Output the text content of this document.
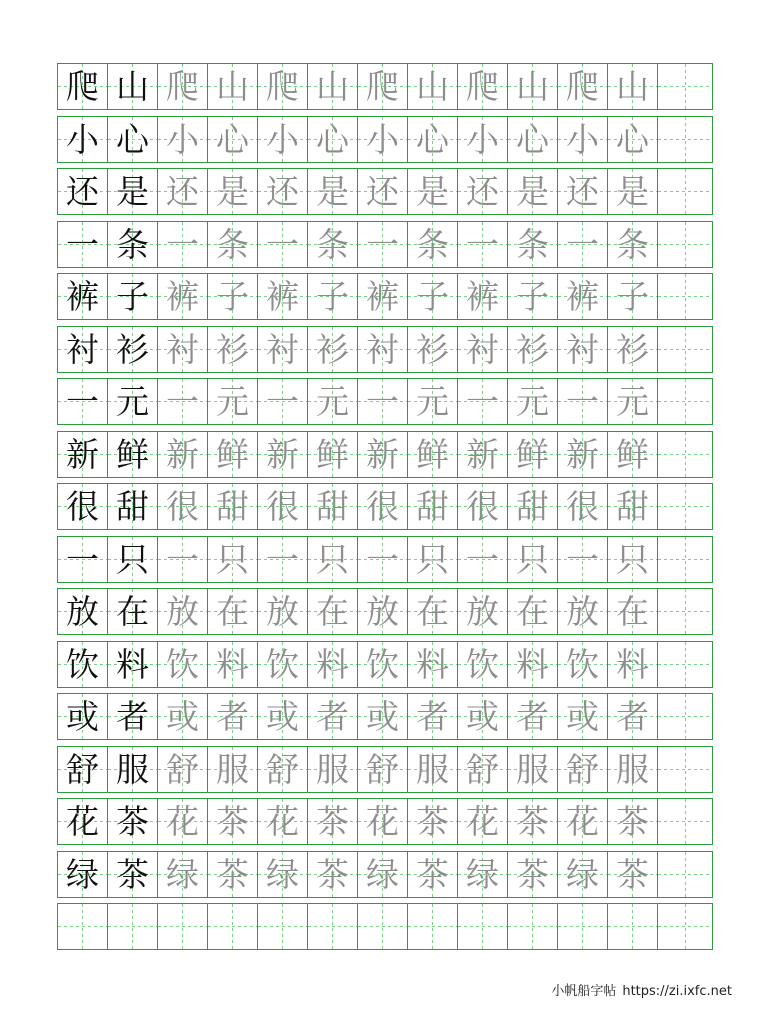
爬 山 爬 山 爬 山 爬 山 爬 山 爬 山
小 心 小 心 小 心 小 心 小 心 小 心
还 是 还 是 还 是 还 是 还 是 还 是
一 条 一 条 一 条 一 条 一 条 一 条
裤 子 裤 子 裤 子 裤 子 裤 子 裤 子
衬 衫 衬 衫 衬 衫 衬 衫 衬 衫 衬 衫
一 元 一 元 一 元 一 元 一 元 一 元
新 鲜 新 鲜 新 鲜 新 鲜 新 鲜 新 鲜
很 甜 很 甜 很 甜 很 甜 很 甜 很 甜
一 只 一 只 一 只 一 只 一 只 一 只
放 在 放 在 放 在 放 在 放 在 放 在
饮 料 饮 料 饮 料 饮 料 饮 料 饮 料
或 者 或 者 或 者 或 者 或 者 或 者
舒 服 舒 服 舒 服 舒 服 舒 服 舒 服
花 茶 花 茶 花 茶 花 茶 花 茶 花 茶
绿 茶 绿 茶 绿 茶 绿 茶 绿 茶 绿 茶
小帆船字帖 https://zi.ixfc.net
